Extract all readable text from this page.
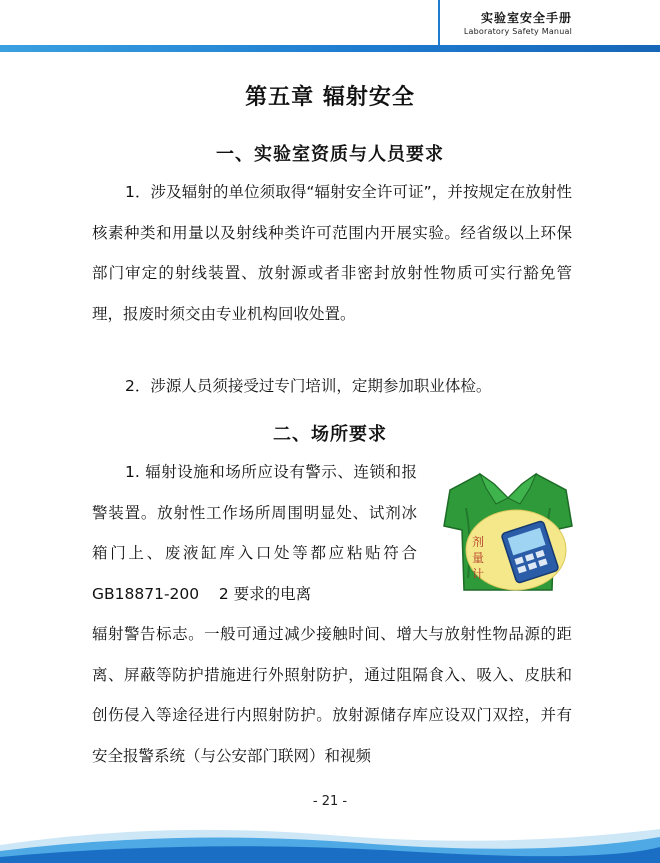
实验室安全手册
Laboratory Safety Manual
第五章 辐射安全
一、实验室资质与人员要求

1．涉及辐射的单位须取得“辐射安全许可证”，并按规定在放射性核素种类和用量以及射线种类许可范围内开展实验。经省级以上环保部门审定的射线装置、放射源或者非密封放射性物质可实行豁免管理，报废时须交由专业机构回收处置。

2．涉源人员须接受过专门培训，定期参加职业体检。

二、场所要求

1. 辐射设施和场所应设有警示、连锁和报警装置。放射性工作场所周围明显处、试剂冰箱门上、废液缸库入口处等都应粘贴符合 GB18871-200    2 要求的电离

辐射警告标志。一般可通过减少接触时间、增大与放射性物品源的距离、屏蔽等防护措施进行外照射防护，通过阻隔食入、吸入、皮肤和创伤侵入等途径进行内照射防护。放射源储存库应设双门双控，并有安全报警系统（与公安部门联网）和视频

剂
量
计
- 21 -
